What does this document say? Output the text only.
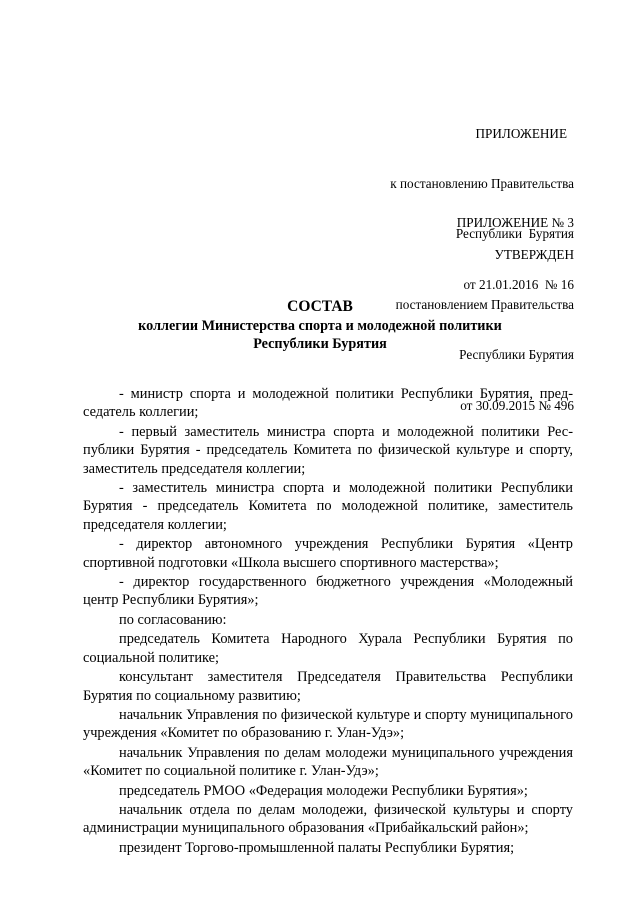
ПРИЛОЖЕНИЕ

к постановлению Правительства

Республики  Бурятия

от 21.01.2016  № 16

ПРИЛОЖЕНИЕ № 3

УТВЕРЖДЕН

постановлением Правительства

Республики Бурятия

от 30.09.2015 № 496

СОСТАВ
коллегии Министерства спорта и молодежной политики
Республики Бурятия

- министр спорта и молодежной политики Республики Бурятия, председатель коллегии;

- первый заместитель министра спорта и молодежной политики Республики Бурятия - председатель Комитета по физической культуре и спорту, заместитель председателя коллегии;

- заместитель министра спорта и молодежной политики Республики Бурятия - председатель Комитета по молодежной политике, заместитель председателя коллегии;

- директор автономного учреждения Республики Бурятия «Центр спортивной подготовки «Школа высшего спортивного мастерства»;

- директор государственного бюджетного учреждения «Молодежный центр Республики Бурятия»;

по согласованию:

председатель Комитета Народного Хурала Республики Бурятия по социальной политике;

консультант заместителя Председателя Правительства Республики Бурятия по социальному развитию;

начальник Управления по физической культуре и спорту муниципального учреждения «Комитет по образованию г. Улан-Удэ»;

начальник Управления по делам молодежи муниципального учреждения «Комитет по социальной политике г. Улан-Удэ»;

председатель РМОО «Федерация молодежи Республики Бурятия»;

начальник отдела по делам молодежи, физической культуры и спорту администрации муниципального образования «Прибайкальский район»;

президент Торгово-промышленной палаты Республики Бурятия;
